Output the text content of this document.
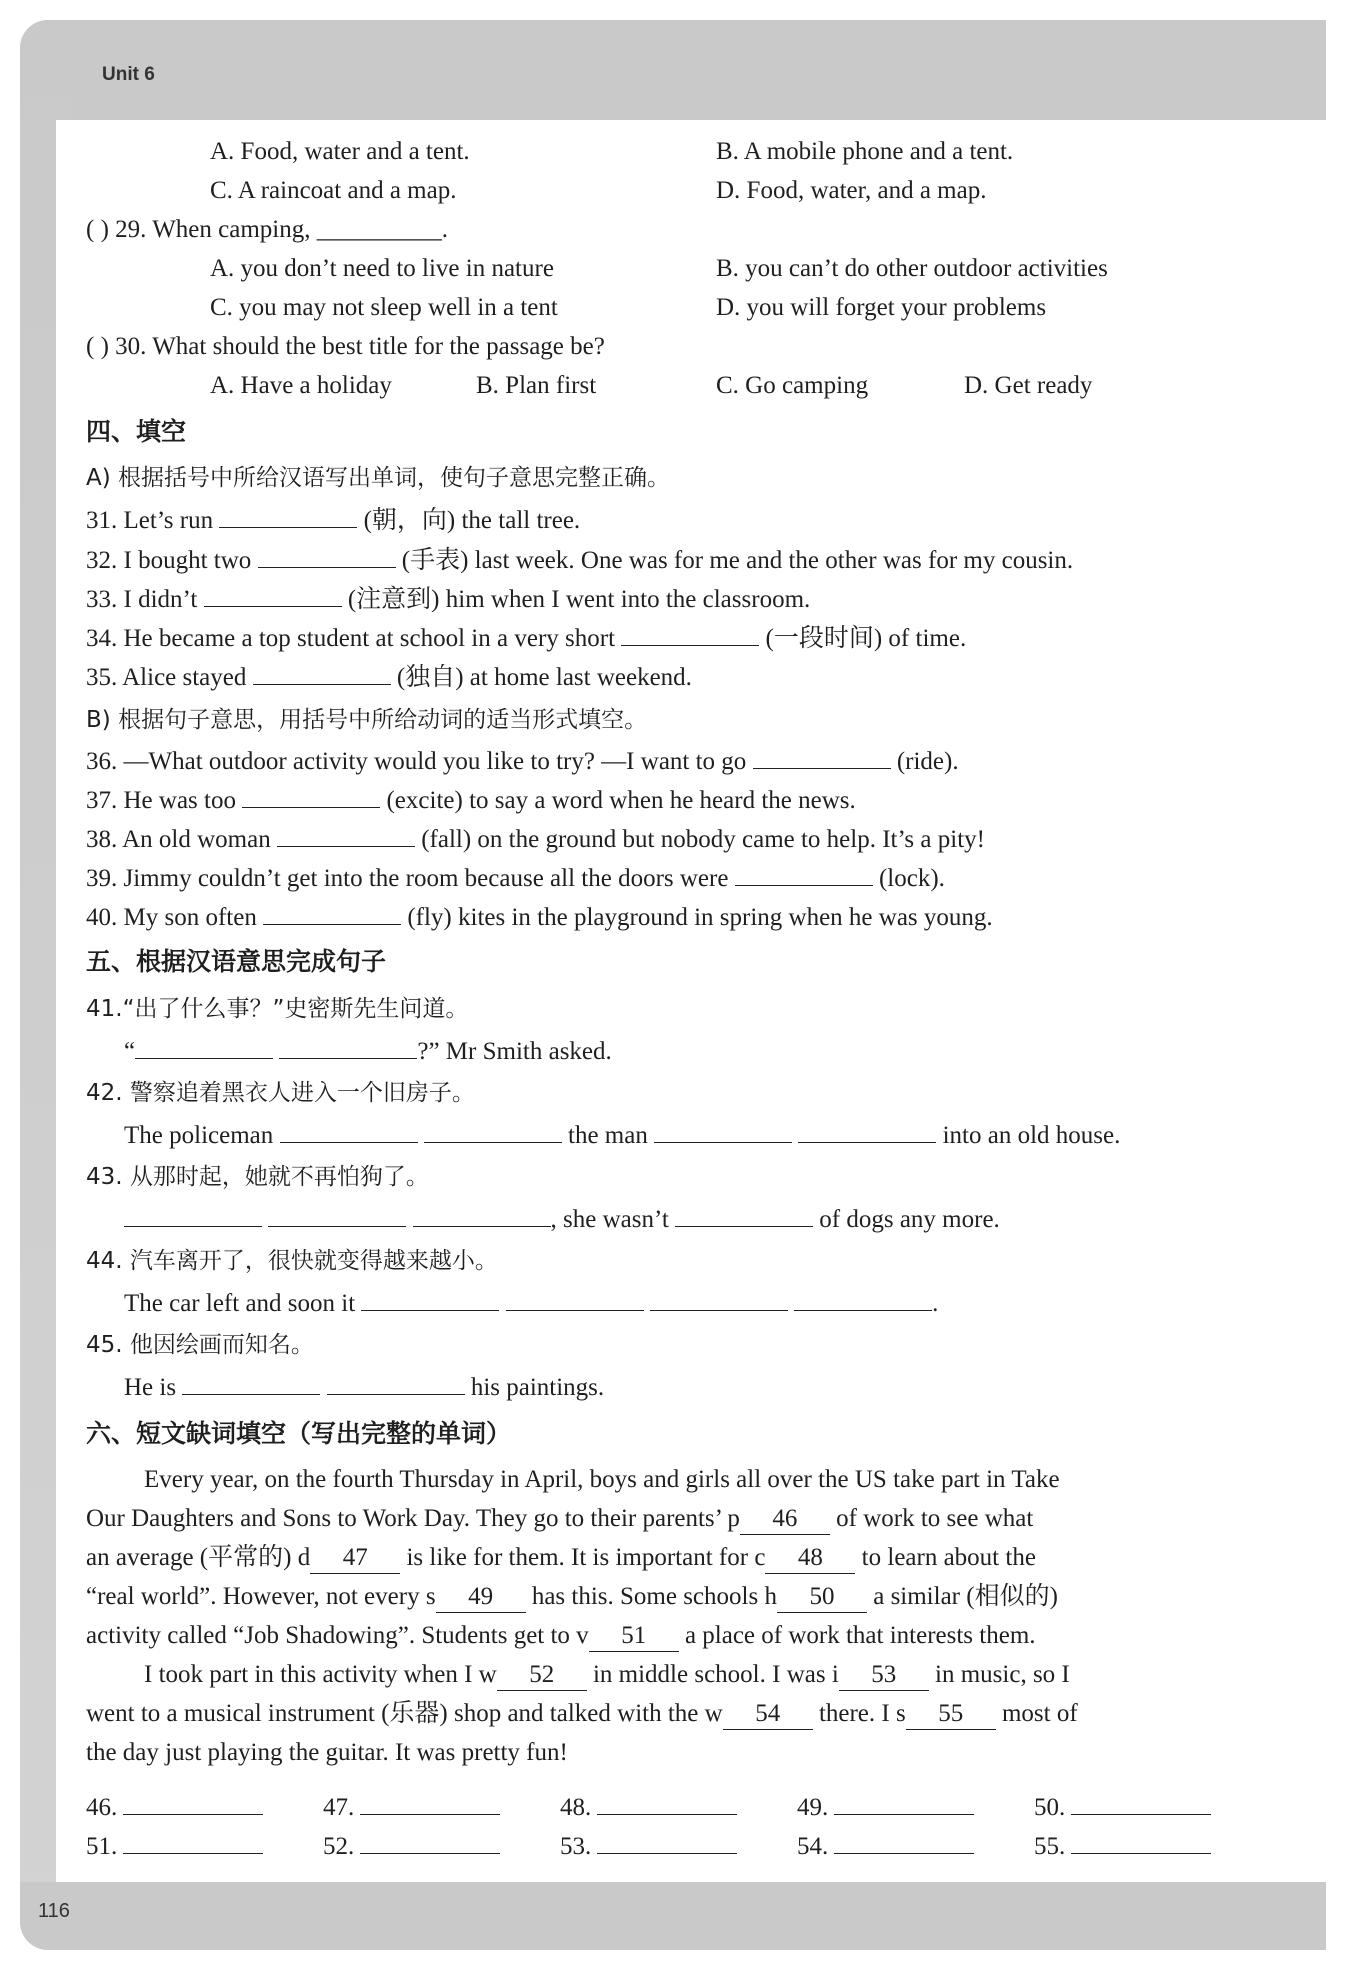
Unit 6
116
A. Food, water and a tent.	B. A mobile phone and a tent.
C. A raincoat and a map.	D. Food, water, and a map.
( ) 29. When camping, __________.
A. you don’t need to live in nature	B. you can’t do other outdoor activities
C. you may not sleep well in a tent	D. you will forget your problems
( ) 30. What should the best title for the passage be?
A. Have a holiday	B. Plan first	C. Go camping	D. Get ready
四、填空
A) 根据括号中所给汉语写出单词，使句子意思完整正确。
31. Let’s run	(朝，向) the tall tree.
32. I bought two	(手表) last week. One was for me and the other was for my cousin.
33. I didn’t	(注意到) him when I went into the classroom.
34. He became a top student at school in a very short	(一段时间) of time.
35. Alice stayed	(独自) at home last weekend.
B) 根据句子意思，用括号中所给动词的适当形式填空。
36. —What outdoor activity would you like to try? —I want to go	(ride).
37. He was too	(excite) to say a word when he heard the news.
38. An old woman	(fall) on the ground but nobody came to help. It’s a pity!
39. Jimmy couldn’t get into the room because all the doors were	(lock).
40. My son often	(fly) kites in the playground in spring when he was young.
五、根据汉语意思完成句子
41.“出了什么事？”史密斯先生问道。
“	?” Mr Smith asked.
42. 警察追着黑衣人进入一个旧房子。
The policeman	the man	into an old house.
43. 从那时起，她就不再怕狗了。
, she wasn’t	of dogs any more.
44. 汽车离开了，很快就变得越来越小。
The car left and soon it	.
45. 他因绘画而知名。
He is	his paintings.
六、短文缺词填空（写出完整的单词）
Every year, on the fourth Thursday in April, boys and girls all over the US take part in Take
Our Daughters and Sons to Work Day. They go to their parents’ p 46 of work to see what
an average (平常的) d 47 is like for them. It is important for c 48 to learn about the
“real world”. However, not every s 49 has this. Some schools h 50 a similar (相似的)
activity called “Job Shadowing”. Students get to v 51 a place of work that interests them.
I took part in this activity when I w 52 in middle school. I was i 53 in music, so I
went to a musical instrument (乐器) shop and talked with the w 54 there. I s 55 most of
the day just playing the guitar. It was pretty fun!
46.	47.	48.	49.	50.
51.	52.	53.	54.	55.
